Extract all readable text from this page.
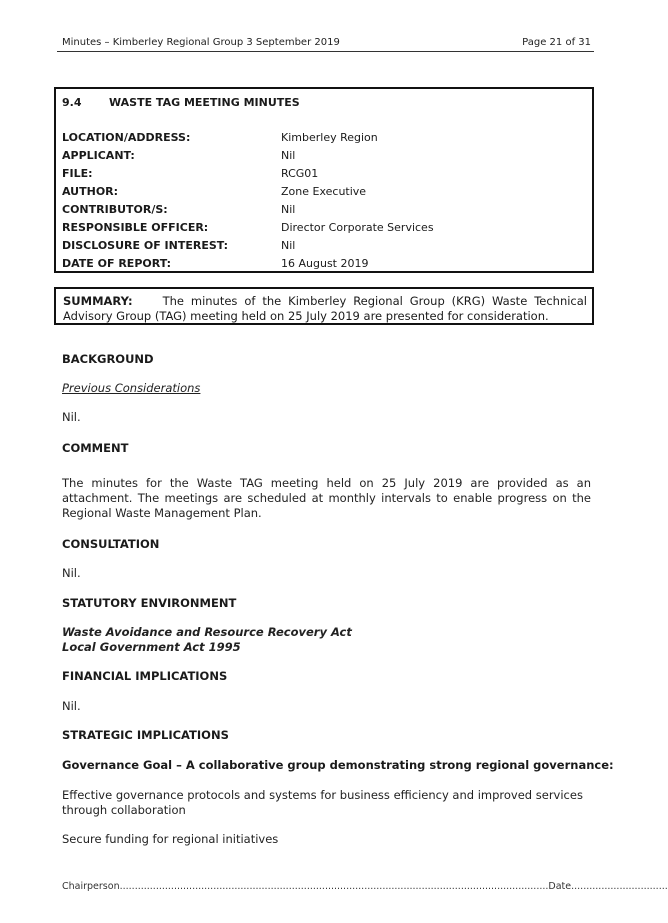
Minutes – Kimberley Regional Group 3 September 2019	Page 21 of 31
9.4	WASTE TAG MEETING MINUTES
LOCATION/ADDRESS:	Kimberley Region
APPLICANT:	Nil
FILE:	RCG01
AUTHOR:	Zone Executive
CONTRIBUTOR/S:	Nil
RESPONSIBLE OFFICER:	Director Corporate Services
DISCLOSURE OF INTEREST:	Nil
DATE OF REPORT:	16 August 2019
SUMMARY:	The minutes of the Kimberley Regional Group (KRG) Waste Technical Advisory Group (TAG) meeting held on 25 July 2019 are presented for consideration.
BACKGROUND
Previous Considerations
Nil.
COMMENT
The minutes for the Waste TAG meeting held on 25 July 2019 are provided as an attachment. The meetings are scheduled at monthly intervals to enable progress on the Regional Waste Management Plan.
CONSULTATION
Nil.
STATUTORY ENVIRONMENT
Waste Avoidance and Resource Recovery Act
Local Government Act 1995
FINANCIAL IMPLICATIONS
Nil.
STRATEGIC IMPLICATIONS
Governance Goal – A collaborative group demonstrating strong regional governance:
Effective governance protocols and systems for business efficiency and improved services through collaboration
Secure funding for regional initiatives
Chairperson..............................................................................................................................................Date................................
